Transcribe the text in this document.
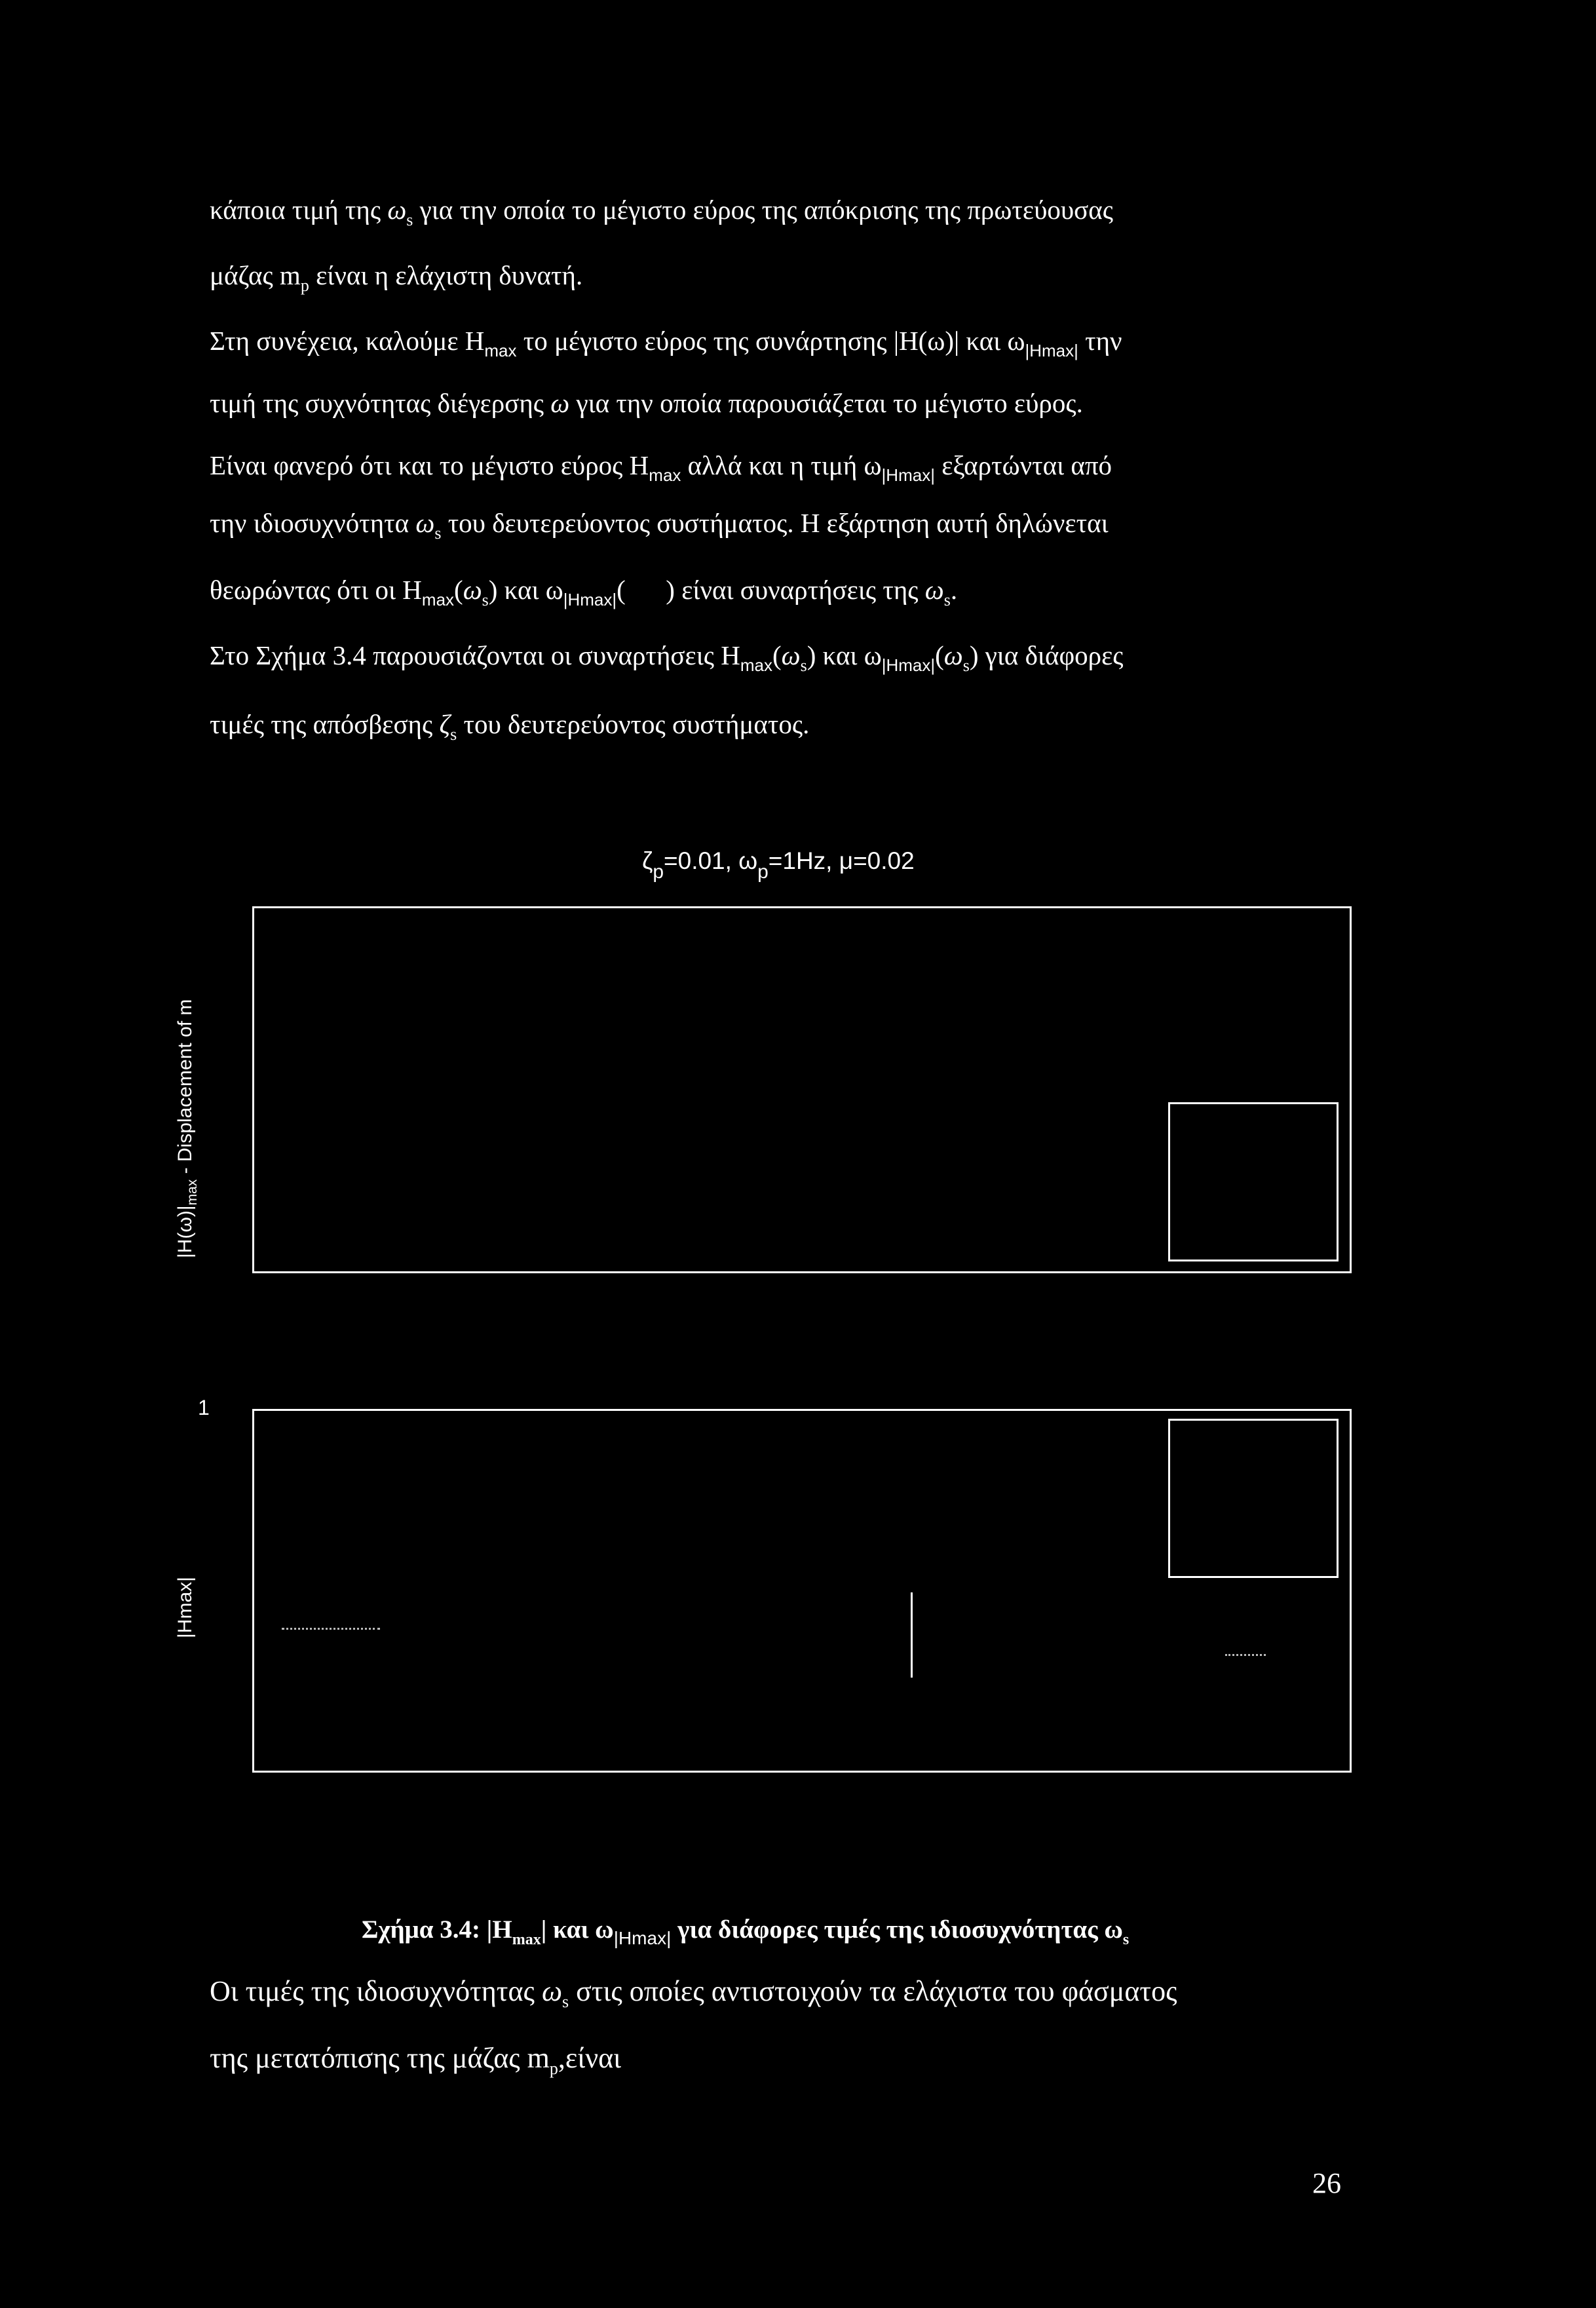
κάποια τιμή της $\omega_s$ για την οποία το μέγιστο εύρος της απόκρισης της πρωτεύουσας
μάζας $m_p$ είναι η ελάχιστη δυνατή.
Στη συνέχεια, καλούμε $H_{max}$ το μέγιστο εύρος της συνάρτησης |H(ω)| και $\omega_{|Hmax|}$ την
τιμή της συχνότητας διέγερσης ω για την οποία παρουσιάζεται το μέγιστο εύρος.
Είναι φανερό ότι και το μέγιστο εύρος $H_{max}$ αλλά και η τιμή $\omega_{|Hmax|}$ εξαρτώνται από
την ιδιοσυχνότητα $\omega_s$ του δευτερεύοντος συστήματος. Η εξάρτηση αυτή δηλώνεται
θεωρώντας ότι οι $H_{max}(\omega_s)$ και $\omega_{|Hmax|}$(      ) είναι συναρτήσεις της $\omega_s$.
Στο Σχήμα 3.4 παρουσιάζονται οι συναρτήσεις $H_{max}(\omega_s)$ και $\omega_{|Hmax|}(\omega_s)$ για διάφορες
τιμές της απόσβεσης $\zeta_s$ του δευτερεύοντος συστήματος.
$\zeta_p=0.01$, $\omega_p=1Hz$, μ=0.02
$|H(\omega)|_{max}$ - Displacement of m
1
|Hmax|
Σχήμα 3.4: $|H_{max}|$ και $\omega_{|Hmax|}$ για διάφορες τιμές της ιδιοσυχνότητας $\omega_s$
Οι τιμές της ιδιοσυχνότητας $\omega_s$ στις οποίες αντιστοιχούν τα ελάχιστα του φάσματος
της μετατόπισης της μάζας $m_p,\varepsilon ί\nu\alpha\iota$
26
